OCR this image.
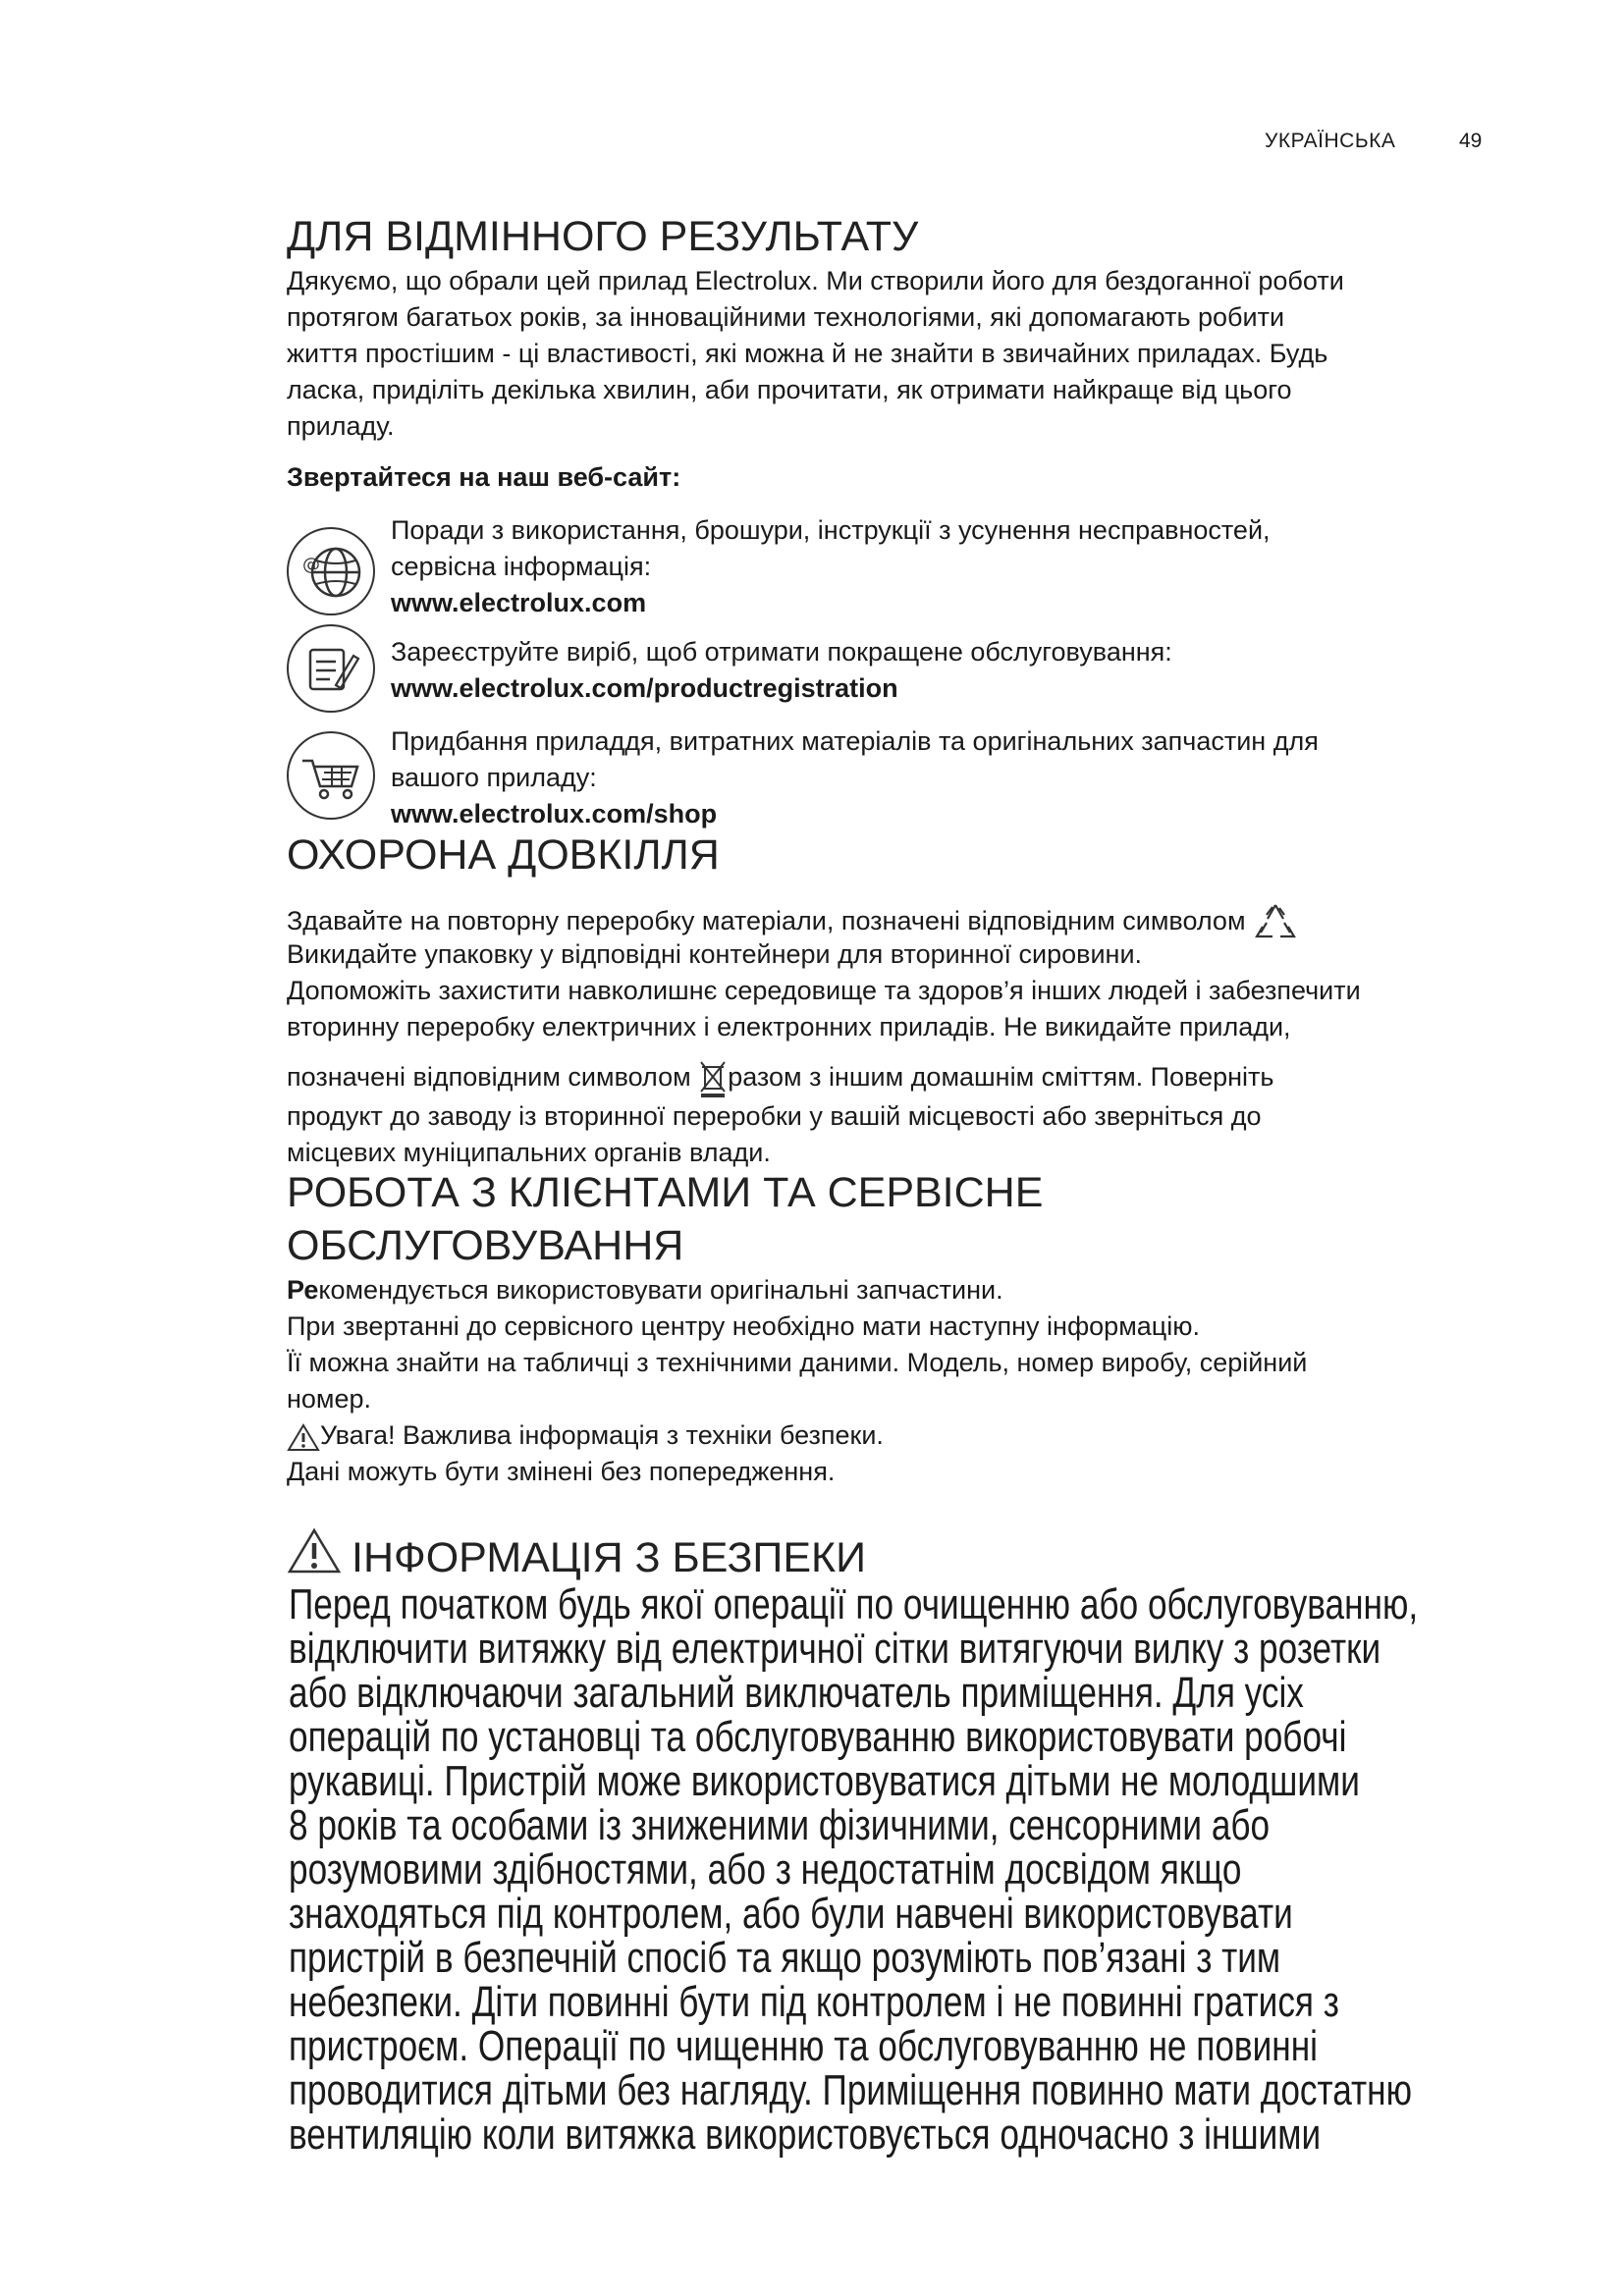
УКРАЇНСЬКА	49
ДЛЯ ВІДМІННОГО РЕЗУЛЬТАТУ
Дякуємо, що обрали цей прилад Electrolux. Ми створили його для бездоганної роботи
протягом багатьох років, за інноваційними технологіями, які допомагають робити
життя простішим - ці властивості, які можна й не знайти в звичайних приладах. Будь
ласка, приділіть декілька хвилин, аби прочитати, як отримати найкраще від цього
приладу.
Звертайтеся на наш веб-сайт:
@
Поради з використання, брошури, інструкції з усунення несправностей,
сервісна інформація:
www.electrolux.com
Зареєструйте виріб, щоб отримати покращене обслуговування:
www.electrolux.com/productregistration
Придбання приладдя, витратних матеріалів та оригінальних запчастин для
вашого приладу:
www.electrolux.com/shop
ОХОРОНА ДОВКІЛЛЯ
Здавайте на повторну переробку матеріали, позначені відповідним символом
Викидайте упаковку у відповідні контейнери для вторинної сировини.
Допоможіть захистити навколишнє середовище та здоров’я інших людей і забезпечити
вторинну переробку електричних і електронних приладів. Не викидайте прилади,
позначені відповідним символом разом з іншим домашнім сміттям. Поверніть
продукт до заводу із вторинної переробки у вашій місцевості або зверніться до
місцевих муніципальних органів влади.
РОБОТА З КЛІЄНТАМИ ТА СЕРВІСНЕ
ОБСЛУГОВУВАННЯ
Рекомендується використовувати оригінальні запчастини.
При звертанні до сервісного центру необхідно мати наступну інформацію.
Її можна знайти на табличці з технічними даними. Модель, номер виробу, серійний
номер.
Увага! Важлива інформація з техніки безпеки.
Дані можуть бути змінені без попередження.
ІНФОРМАЦІЯ З БЕЗПЕКИ
Перед початком будь якої операції по очищенню або обслуговуванню,
відключити витяжку від електричної сітки витягуючи вилку з розетки
або відключаючи загальний виключатель приміщення. Для усіх
операцій по установці та обслуговуванню використовувати робочі
рукавиці. Пристрій може використовуватися дітьми не молодшими
8 років та особами із зниженими фізичними, сенсорними або
розумовими здібностями, або з недостатнім досвідом якщо
знаходяться під контролем, або були навчені використовувати
пристрій в безпечній спосіб та якщо розуміють пов’язані з тим
небезпеки. Діти повинні бути під контролем і не повинні гратися з
пристроєм. Операції по чищенню та обслуговуванню не повинні
проводитися дітьми без нагляду. Приміщення повинно мати достатню
вентиляцію коли витяжка використовується одночасно з іншими
